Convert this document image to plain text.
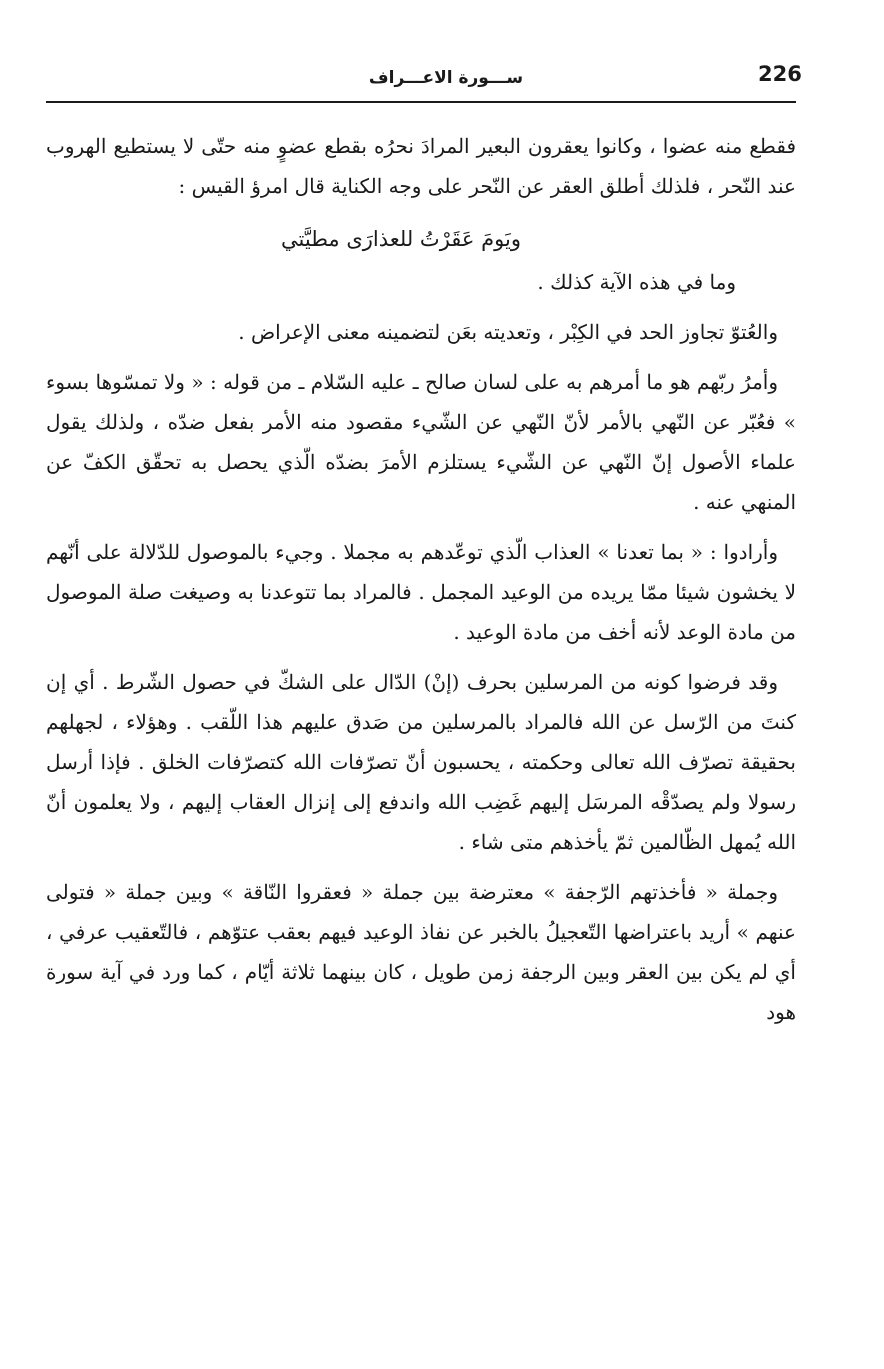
226
ســـورة الاعـــراف

فقطع منه عضوا ، وكانوا يعقرون البعير المرادَ نحرُه بقطع عضوٍ منه حتّى لا يستطيع الهروب عند النّحر ، فلذلك أطلق العقر عن النّحر على وجه الكناية قال امرؤ القيس :

ويَومَ عَقَرْتُ للعذارَى مطيَّتي

وما في هذه الآية كذلك .

والعُتوّ تجاوز الحد في الكِبْر ، وتعديته بعَن لتضمينه معنى الإعراض .

وأمرُ ربّهم هو ما أمرهم به على لسان صالح ـ عليه السّلام ـ من قوله : « ولا تمسّوها بسوء » فعُبّر عن النّهي بالأمر لأنّ النّهي عن الشّيء مقصود منه الأمر بفعل ضدّه ، ولذلك يقول علماء الأصول إنّ النّهي عن الشّيء يستلزم الأمرَ بضدّه الّذي يحصل به تحقّق الكفّ عن المنهي عنه .

وأرادوا : « بما تعدنا » العذاب الّذي توعّدهم به مجملا . وجيء بالموصول للدّلالة على أنّهم لا يخشون شيئا ممّا يريده من الوعيد المجمل . فالمراد بما تتوعدنا به وصيغت صلة الموصول من مادة الوعد لأنه أخف من مادة الوعيد .

وقد فرضوا كونه من المرسلين بحرف (إنْ) الدّال على الشكّ في حصول الشّرط . أي إن كنتَ من الرّسل عن الله فالمراد بالمرسلين من صَدق عليهم هذا اللّقب . وهؤلاء ، لجهلهم بحقيقة تصرّف الله تعالى وحكمته ، يحسبون أنّ تصرّفات الله كتصرّفات الخلق . فإذا أرسل رسولا ولم يصدّقْه المرسَل إليهم غَضِب الله واندفع إلى إنزال العقاب إليهم ، ولا يعلمون أنّ الله يُمهل الظّالمين ثمّ يأخذهم متى شاء .

وجملة « فأخذتهم الرّجفة » معترضة بين جملة « فعقروا النّاقة » وبين جملة « فتولى عنهم » أريد باعتراضها التّعجيلُ بالخبر عن نفاذ الوعيد فيهم بعقب عتوّهم ، فالتّعقيب عرفي ، أي لم يكن بين العقر وبين الرجفة زمن طويل ، كان بينهما ثلاثة أيّام ، كما ورد في آية سورة هود
